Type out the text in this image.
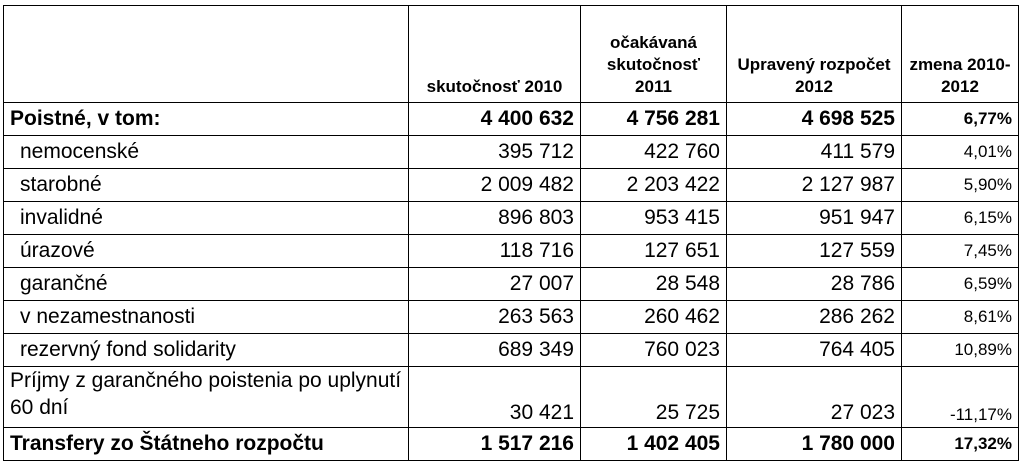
	skutočnosť 2010	očakávaná skutočnosť 2011	Upravený rozpočet 2012	zmena 2010-2012
Poistné, v tom:	4 400 632	4 756 281	4 698 525	6,77%
nemocenské	395 712	422 760	411 579	4,01%
starobné	2 009 482	2 203 422	2 127 987	5,90%
invalidné	896 803	953 415	951 947	6,15%
úrazové	118 716	127 651	127 559	7,45%
garančné	27 007	28 548	28 786	6,59%
v nezamestnanosti	263 563	260 462	286 262	8,61%
rezervný fond solidarity	689 349	760 023	764 405	10,89%
Príjmy z garančného poistenia po uplynutí 60 dní	30 421	25 725	27 023	-11,17%
Transfery zo Štátneho rozpočtu	1 517 216	1 402 405	1 780 000	17,32%
